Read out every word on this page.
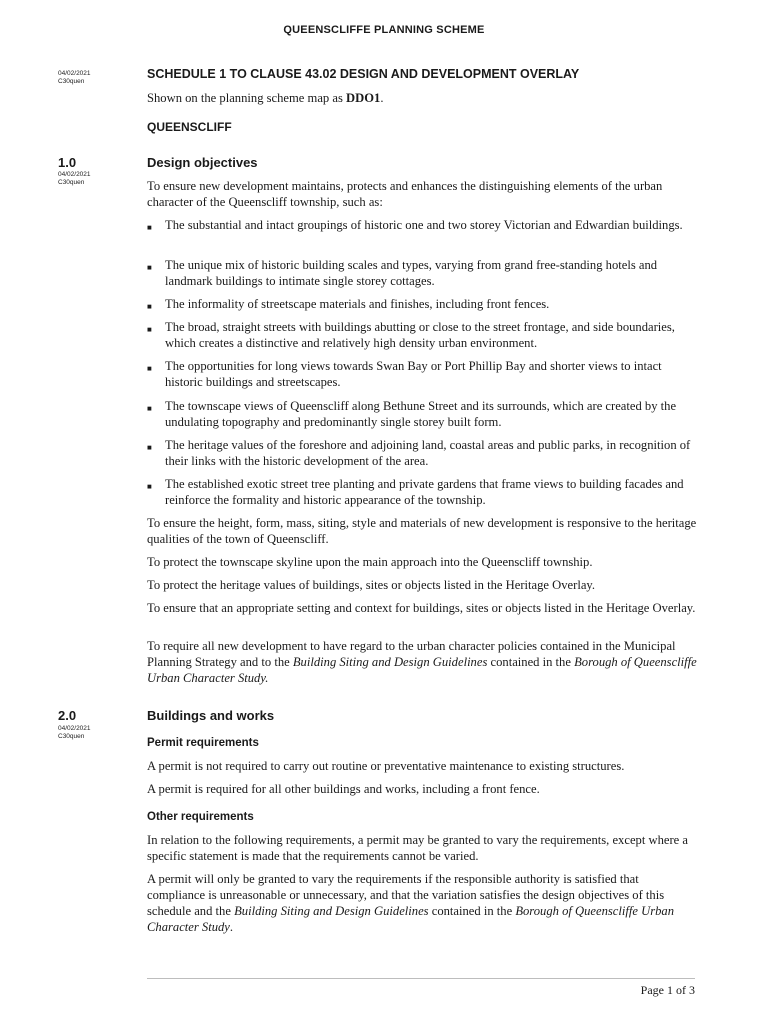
QUEENSCLIFFE PLANNING SCHEME
04/02/2021
C30quen
1.0
04/02/2021
C30quen
2.0
04/02/2021
C30quen
SCHEDULE 1 TO CLAUSE 43.02 DESIGN AND DEVELOPMENT OVERLAY
Shown on the planning scheme map as DDO1.
QUEENSCLIFF
Design objectives
To ensure new development maintains, protects and enhances the distinguishing elements of the urban character of the Queenscliff township, such as:
■ The substantial and intact groupings of historic one and two storey Victorian and Edwardian buildings.
■ The unique mix of historic building scales and types, varying from grand free-standing hotels and landmark buildings to intimate single storey cottages.
■ The informality of streetscape materials and finishes, including front fences.
■ The broad, straight streets with buildings abutting or close to the street frontage, and side boundaries, which creates a distinctive and relatively high density urban environment.
■ The opportunities for long views towards Swan Bay or Port Phillip Bay and shorter views to intact historic buildings and streetscapes.
■ The townscape views of Queenscliff along Bethune Street and its surrounds, which are created by the undulating topography and predominantly single storey built form.
■ The heritage values of the foreshore and adjoining land, coastal areas and public parks, in recognition of their links with the historic development of the area.
■ The established exotic street tree planting and private gardens that frame views to building facades and reinforce the formality and historic appearance of the township.
To ensure the height, form, mass, siting, style and materials of new development is responsive to the heritage qualities of the town of Queenscliff.
To protect the townscape skyline upon the main approach into the Queenscliff township.
To protect the heritage values of buildings, sites or objects listed in the Heritage Overlay.
To ensure that an appropriate setting and context for buildings, sites or objects listed in the Heritage Overlay.
To require all new development to have regard to the urban character policies contained in the Municipal Planning Strategy and to the Building Siting and Design Guidelines contained in the Borough of Queenscliffe Urban Character Study.
Buildings and works
Permit requirements
A permit is not required to carry out routine or preventative maintenance to existing structures.
A permit is required for all other buildings and works, including a front fence.
Other requirements
In relation to the following requirements, a permit may be granted to vary the requirements, except where a specific statement is made that the requirements cannot be varied.
A permit will only be granted to vary the requirements if the responsible authority is satisfied that compliance is unreasonable or unnecessary, and that the variation satisfies the design objectives of this schedule and the Building Siting and Design Guidelines contained in the Borough of Queenscliffe Urban Character Study.
Page 1 of 3
